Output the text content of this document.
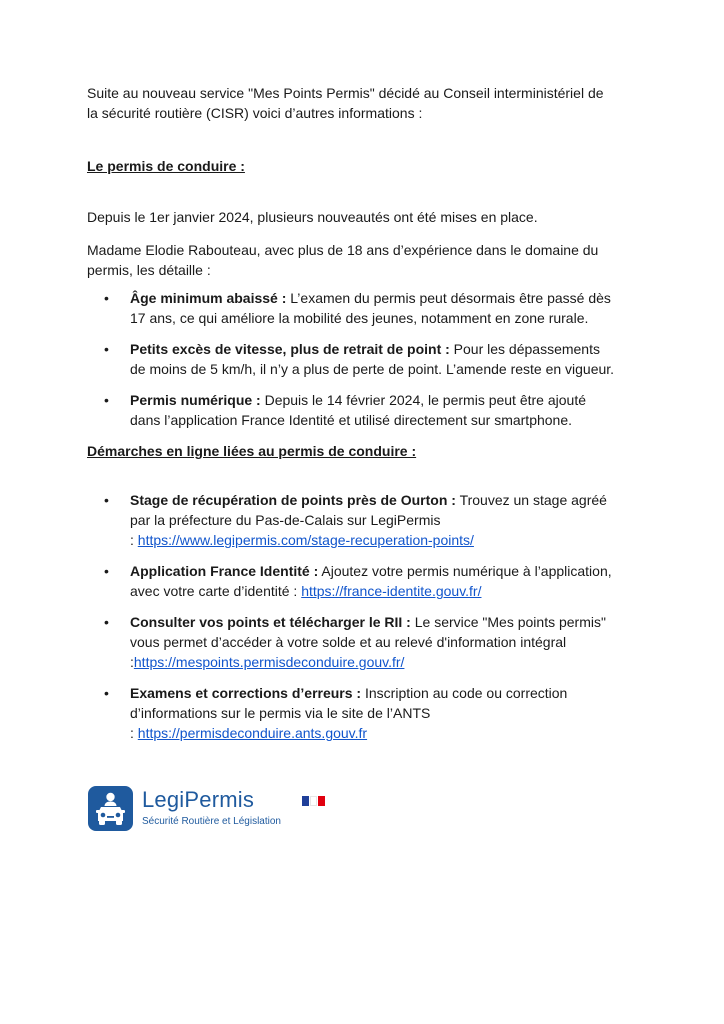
Suite au nouveau service "Mes Points Permis" décidé au Conseil interministériel de
la sécurité routière (CISR) voici d’autres informations :

Le permis de conduire :

Depuis le 1er janvier 2024, plusieurs nouveautés ont été mises en place.

Madame Elodie Rabouteau, avec plus de 18 ans d’expérience dans le domaine du
permis, les détaille :

• Âge minimum abaissé : L’examen du permis peut désormais être passé dès
17 ans, ce qui améliore la mobilité des jeunes, notamment en zone rurale.
• Petits excès de vitesse, plus de retrait de point : Pour les dépassements
de moins de 5 km/h, il n’y a plus de perte de point. L’amende reste en vigueur.
• Permis numérique : Depuis le 14 février 2024, le permis peut être ajouté
dans l’application France Identité et utilisé directement sur smartphone.

Démarches en ligne liées au permis de conduire :

• Stage de récupération de points près de Ourton : Trouvez un stage agréé
par la préfecture du Pas-de-Calais sur LegiPermis
: https://www.legipermis.com/stage-recuperation-points/
• Application France Identité : Ajoutez votre permis numérique à l’application,
avec votre carte d’identité : https://france-identite.gouv.fr/
• Consulter vos points et télécharger le RII : Le service "Mes points permis"
vous permet d’accéder à votre solde et au relevé d'information intégral
:https://mespoints.permisdeconduire.gouv.fr/
• Examens et corrections d’erreurs : Inscription au code ou correction
d’informations sur le permis via le site de l’ANTS
: https://permisdeconduire.ants.gouv.fr
LegiPermis
Sécurité Routière et Législation
